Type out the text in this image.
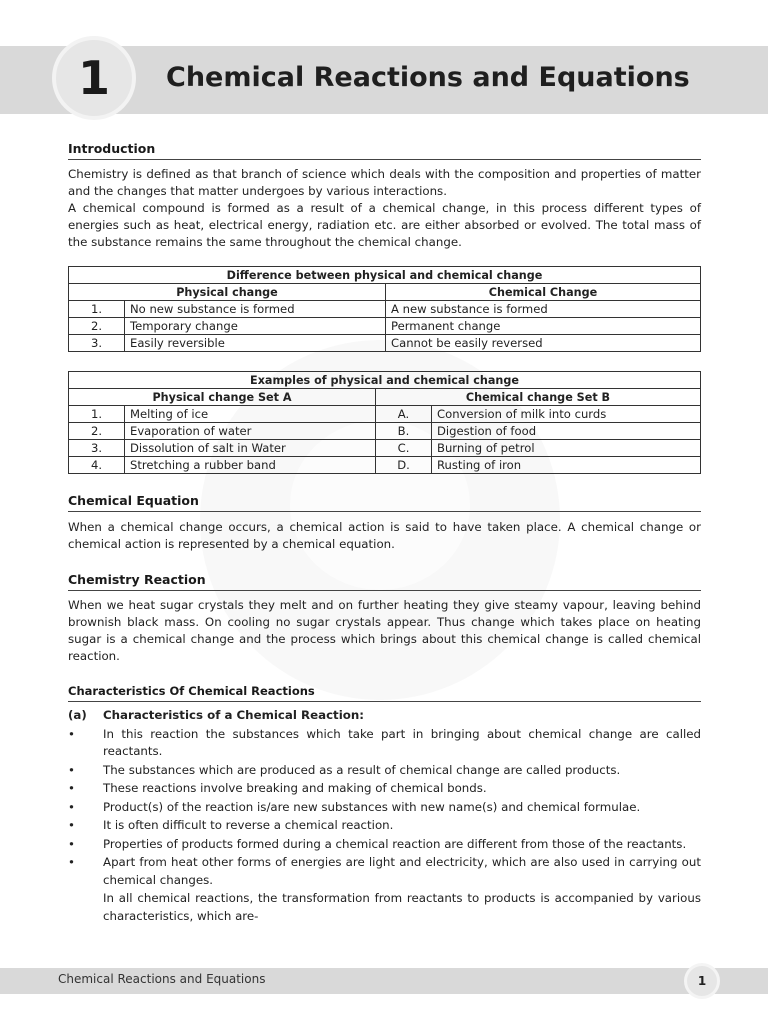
1	Chemical Reactions and Equations
Introduction

Chemistry is defined as that branch of science which deals with the composition and properties of matter and the changes that matter undergoes by various interactions.

A chemical compound is formed as a result of a chemical change, in this process different types of energies such as heat, electrical energy, radiation etc. are either absorbed or evolved. The total mass of the substance remains the same throughout the chemical change.

Difference between physical and chemical change		
Physical change		Chemical Change
1.	No new substance is formed	A new substance is formed
2.	Temporary change	Permanent change
3.	Easily reversible	Cannot be easily reversed
Examples of physical and chemical change			
Physical change Set A		Chemical change Set B	
1.	Melting of ice	A.	Conversion of milk into curds
2.	Evaporation of water	B.	Digestion of food
3.	Dissolution of salt in Water	C.	Burning of petrol
4.	Stretching a rubber band	D.	Rusting of iron
Chemical Equation
When a chemical change occurs, a chemical action is said to have taken place. A chemical change or chemical action is represented by a chemical equation.
Chemistry Reaction
When we heat sugar crystals they melt and on further heating they give steamy vapour, leaving behind brownish black mass. On cooling no sugar crystals appear. Thus change which takes place on heating sugar is a chemical change and the process which brings about this chemical change is called chemical reaction.
Characteristics Of Chemical Reactions
(a)	Characteristics of a Chemical Reaction:
•	In this reaction the substances which take part in bringing about chemical change are called reactants.
•	The substances which are produced as a result of chemical change are called products.
•	These reactions involve breaking and making of chemical bonds.
•	Product(s) of the reaction is/are new substances with new name(s) and chemical formulae.
•	It is often difficult to reverse a chemical reaction.
•	Properties of products formed during a chemical reaction are different from those of the reactants.
•	Apart from heat other forms of energies are light and electricity, which are also used in carrying out chemical changes.
In all chemical reactions, the transformation from reactants to products is accompanied by various characteristics, which are-
Chemical Reactions and Equations	1
